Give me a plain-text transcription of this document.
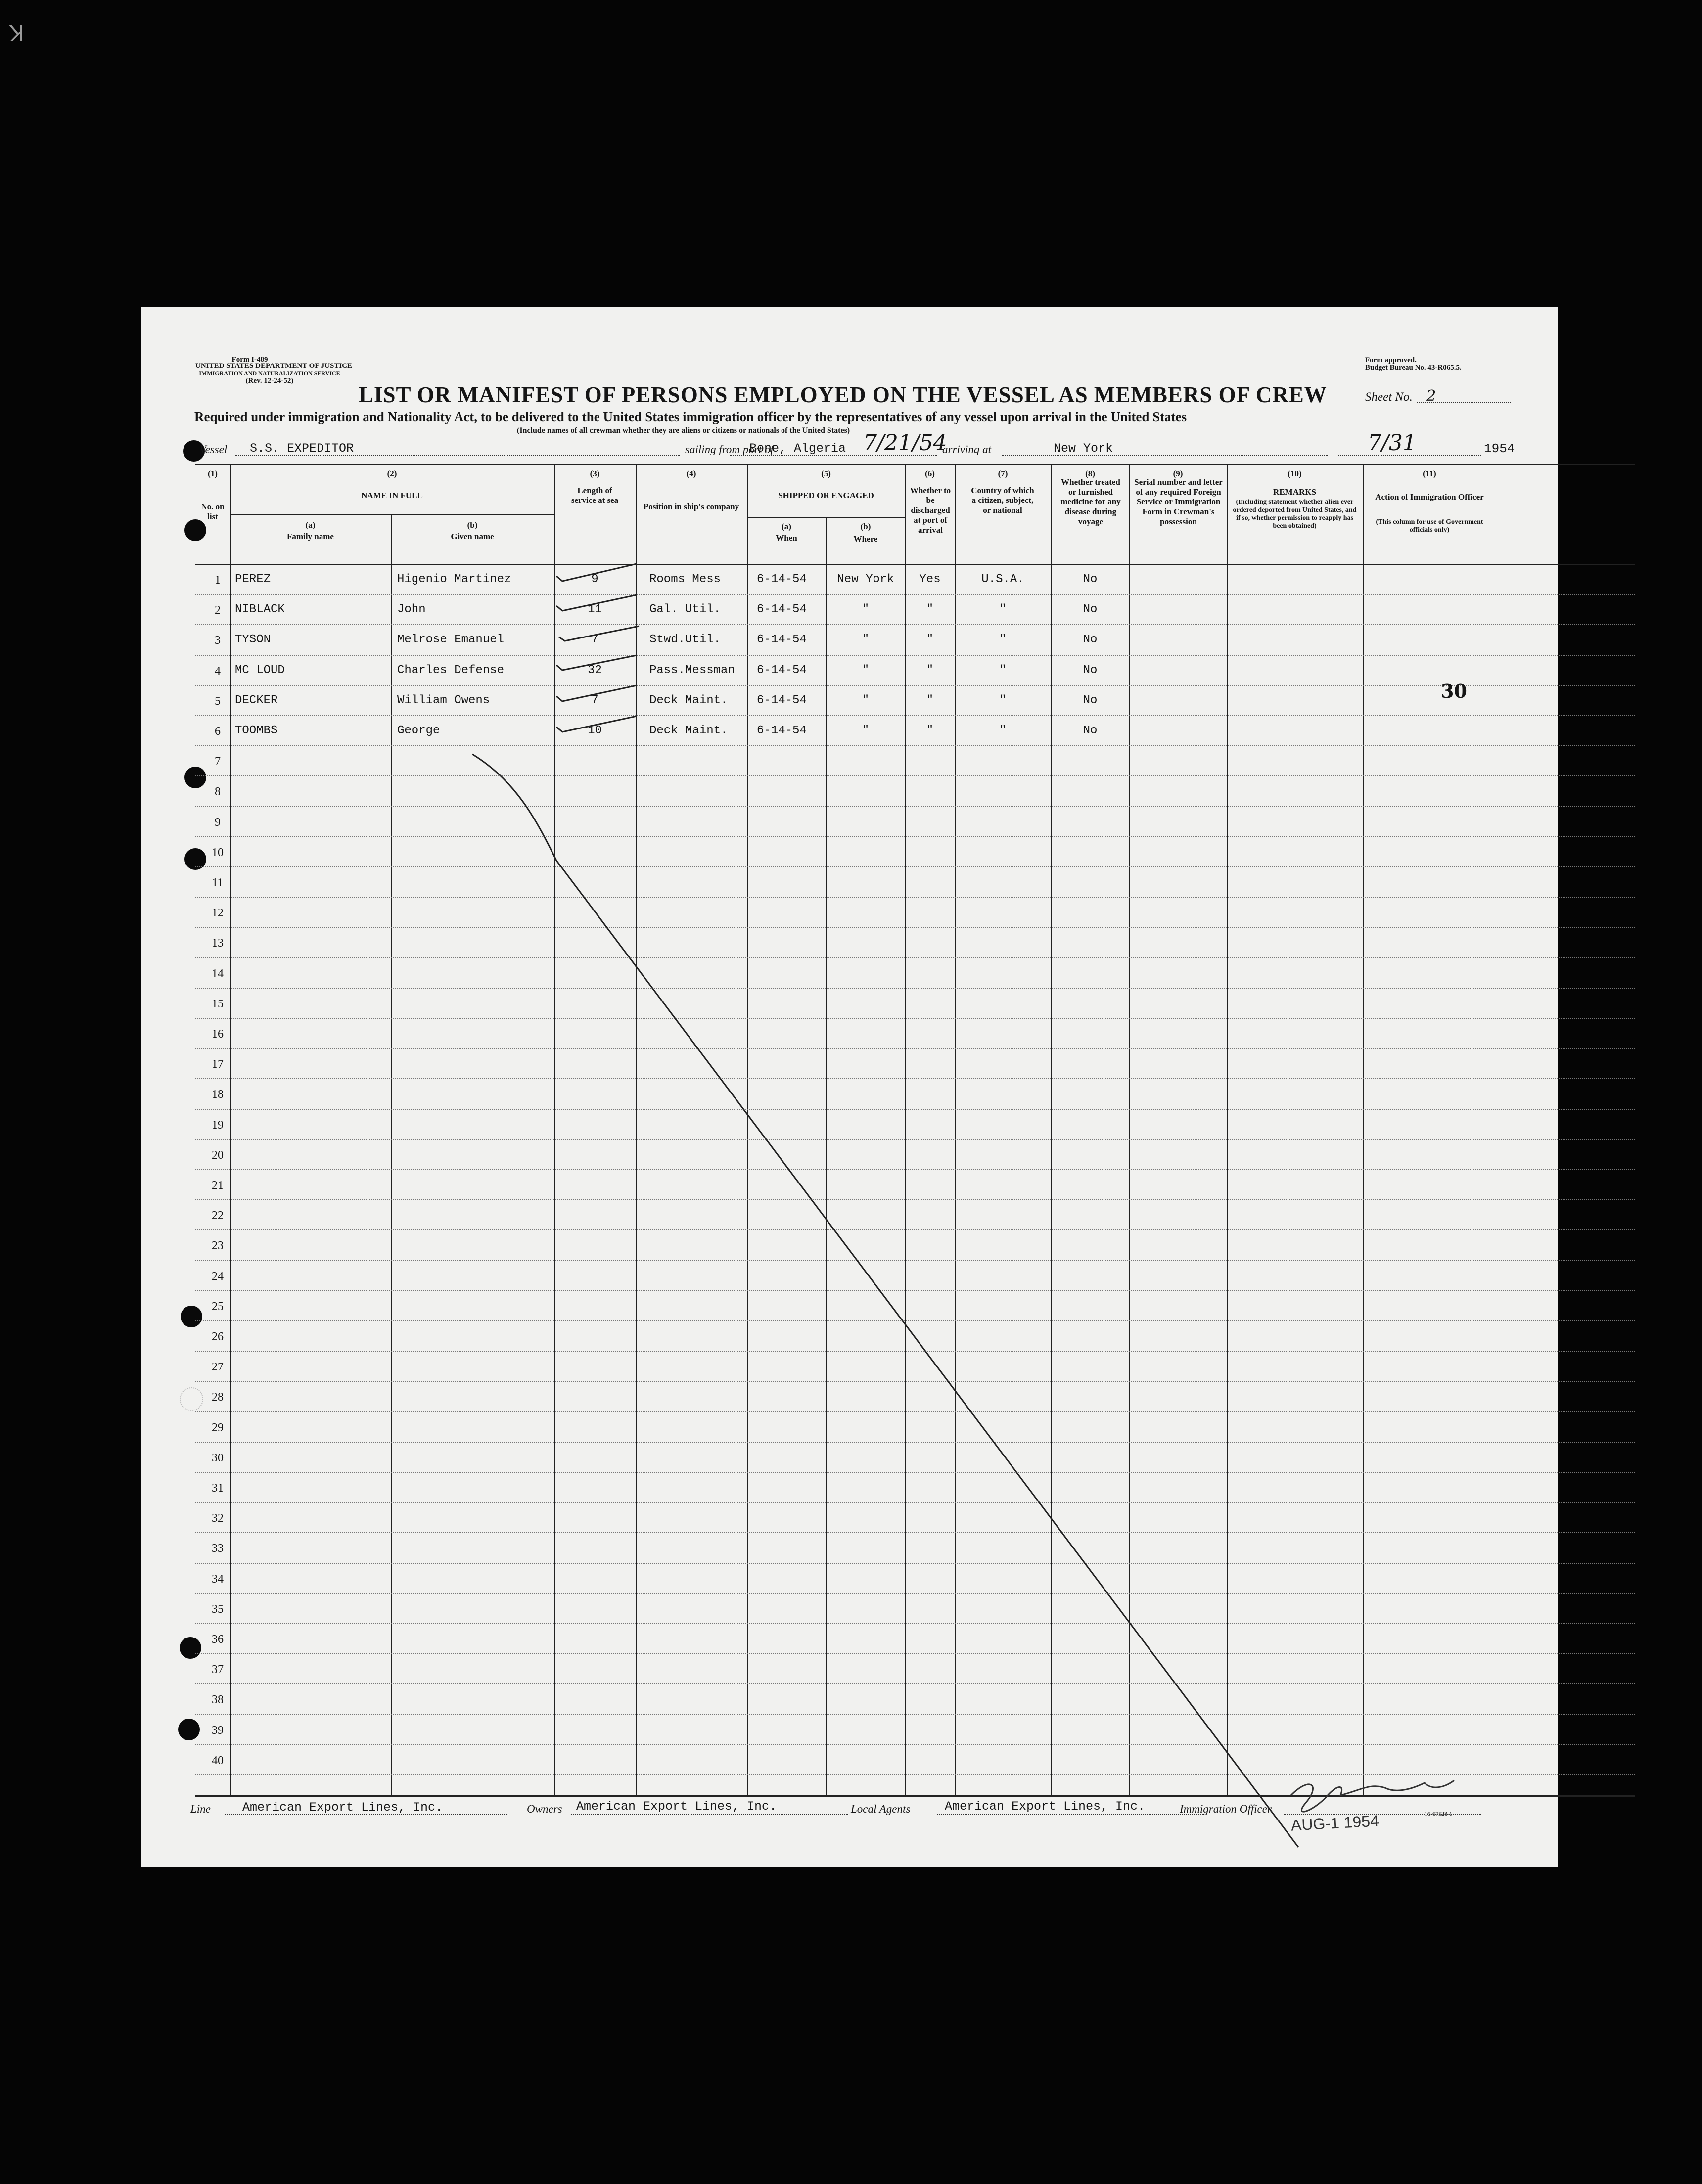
K
Form I-489
UNITED STATES DEPARTMENT OF JUSTICE
IMMIGRATION AND NATURALIZATION SERVICE
(Rev. 12-24-52)
Form approved.
Budget Bureau No. 43-R065.5.
Sheet No. 2
LIST OR MANIFEST OF PERSONS EMPLOYED ON THE VESSEL AS MEMBERS OF CREW
Required under immigration and Nationality Act, to be delivered to the United States immigration officer by the representatives of any vessel upon arrival in the United States
(Include names of all crewman whether they are aliens or citizens or nationals of the United States)
Vessel S.S. EXPEDITOR	sailing from port of
Bone, Algeria 7/21/54
arriving at	New York	7/31	1954
(1)	(2)	(3)	(4)	(5)	(6)	(7)	(8)	(9)	(10)	(11)
No. on list
NAME IN FULL
(a)
Family name
(b)
Given name
Length of service at sea
Position in ship's company
SHIPPED OR ENGAGED
(a)
When
(b)
Where
Whether to be discharged at port of arrival
Country of which a citizen, subject, or national
Whether treated or furnished medicine for any disease during voyage
Serial number and letter of any required Foreign Service or Immigration Form in Crewman's possession
REMARKS
(Including statement whether alien ever ordered deported from United States, and if so, whether permission to reapply has been obtained)
Action of Immigration Officer
(This column for use of Government officials only)
1	PEREZ	Higenio Martinez	9	Rooms Mess	6-14-54	New York	Yes	U.S.A.	No
2	NIBLACK	John	11	Gal. Util.	6-14-54	"	"	"	No
3	TYSON	Melrose Emanuel	7	Stwd.Util.	6-14-54	"	"	"	No
4	MC LOUD	Charles Defense	32	Pass.Messman 6-14-54	"	"	"	No
5	DECKER	William Owens	7	Deck Maint. 6-14-54	"	"	"	No
6	TOOMBS	George	10	Deck Maint. 6-14-54	"	"	"	No
7
8
9
10
11
12
13
14
15
16
17
18
19
20
21
22
23
24
25
26
27
28
29
30
31
32
33
34
35
36
37
38
39
40
30
Line	American Export Lines, Inc.	Owners American Export Lines, Inc.	Local Agents	American Export Lines, Inc.	Immigration Officer
AUG-1 1954	16-67528-1
